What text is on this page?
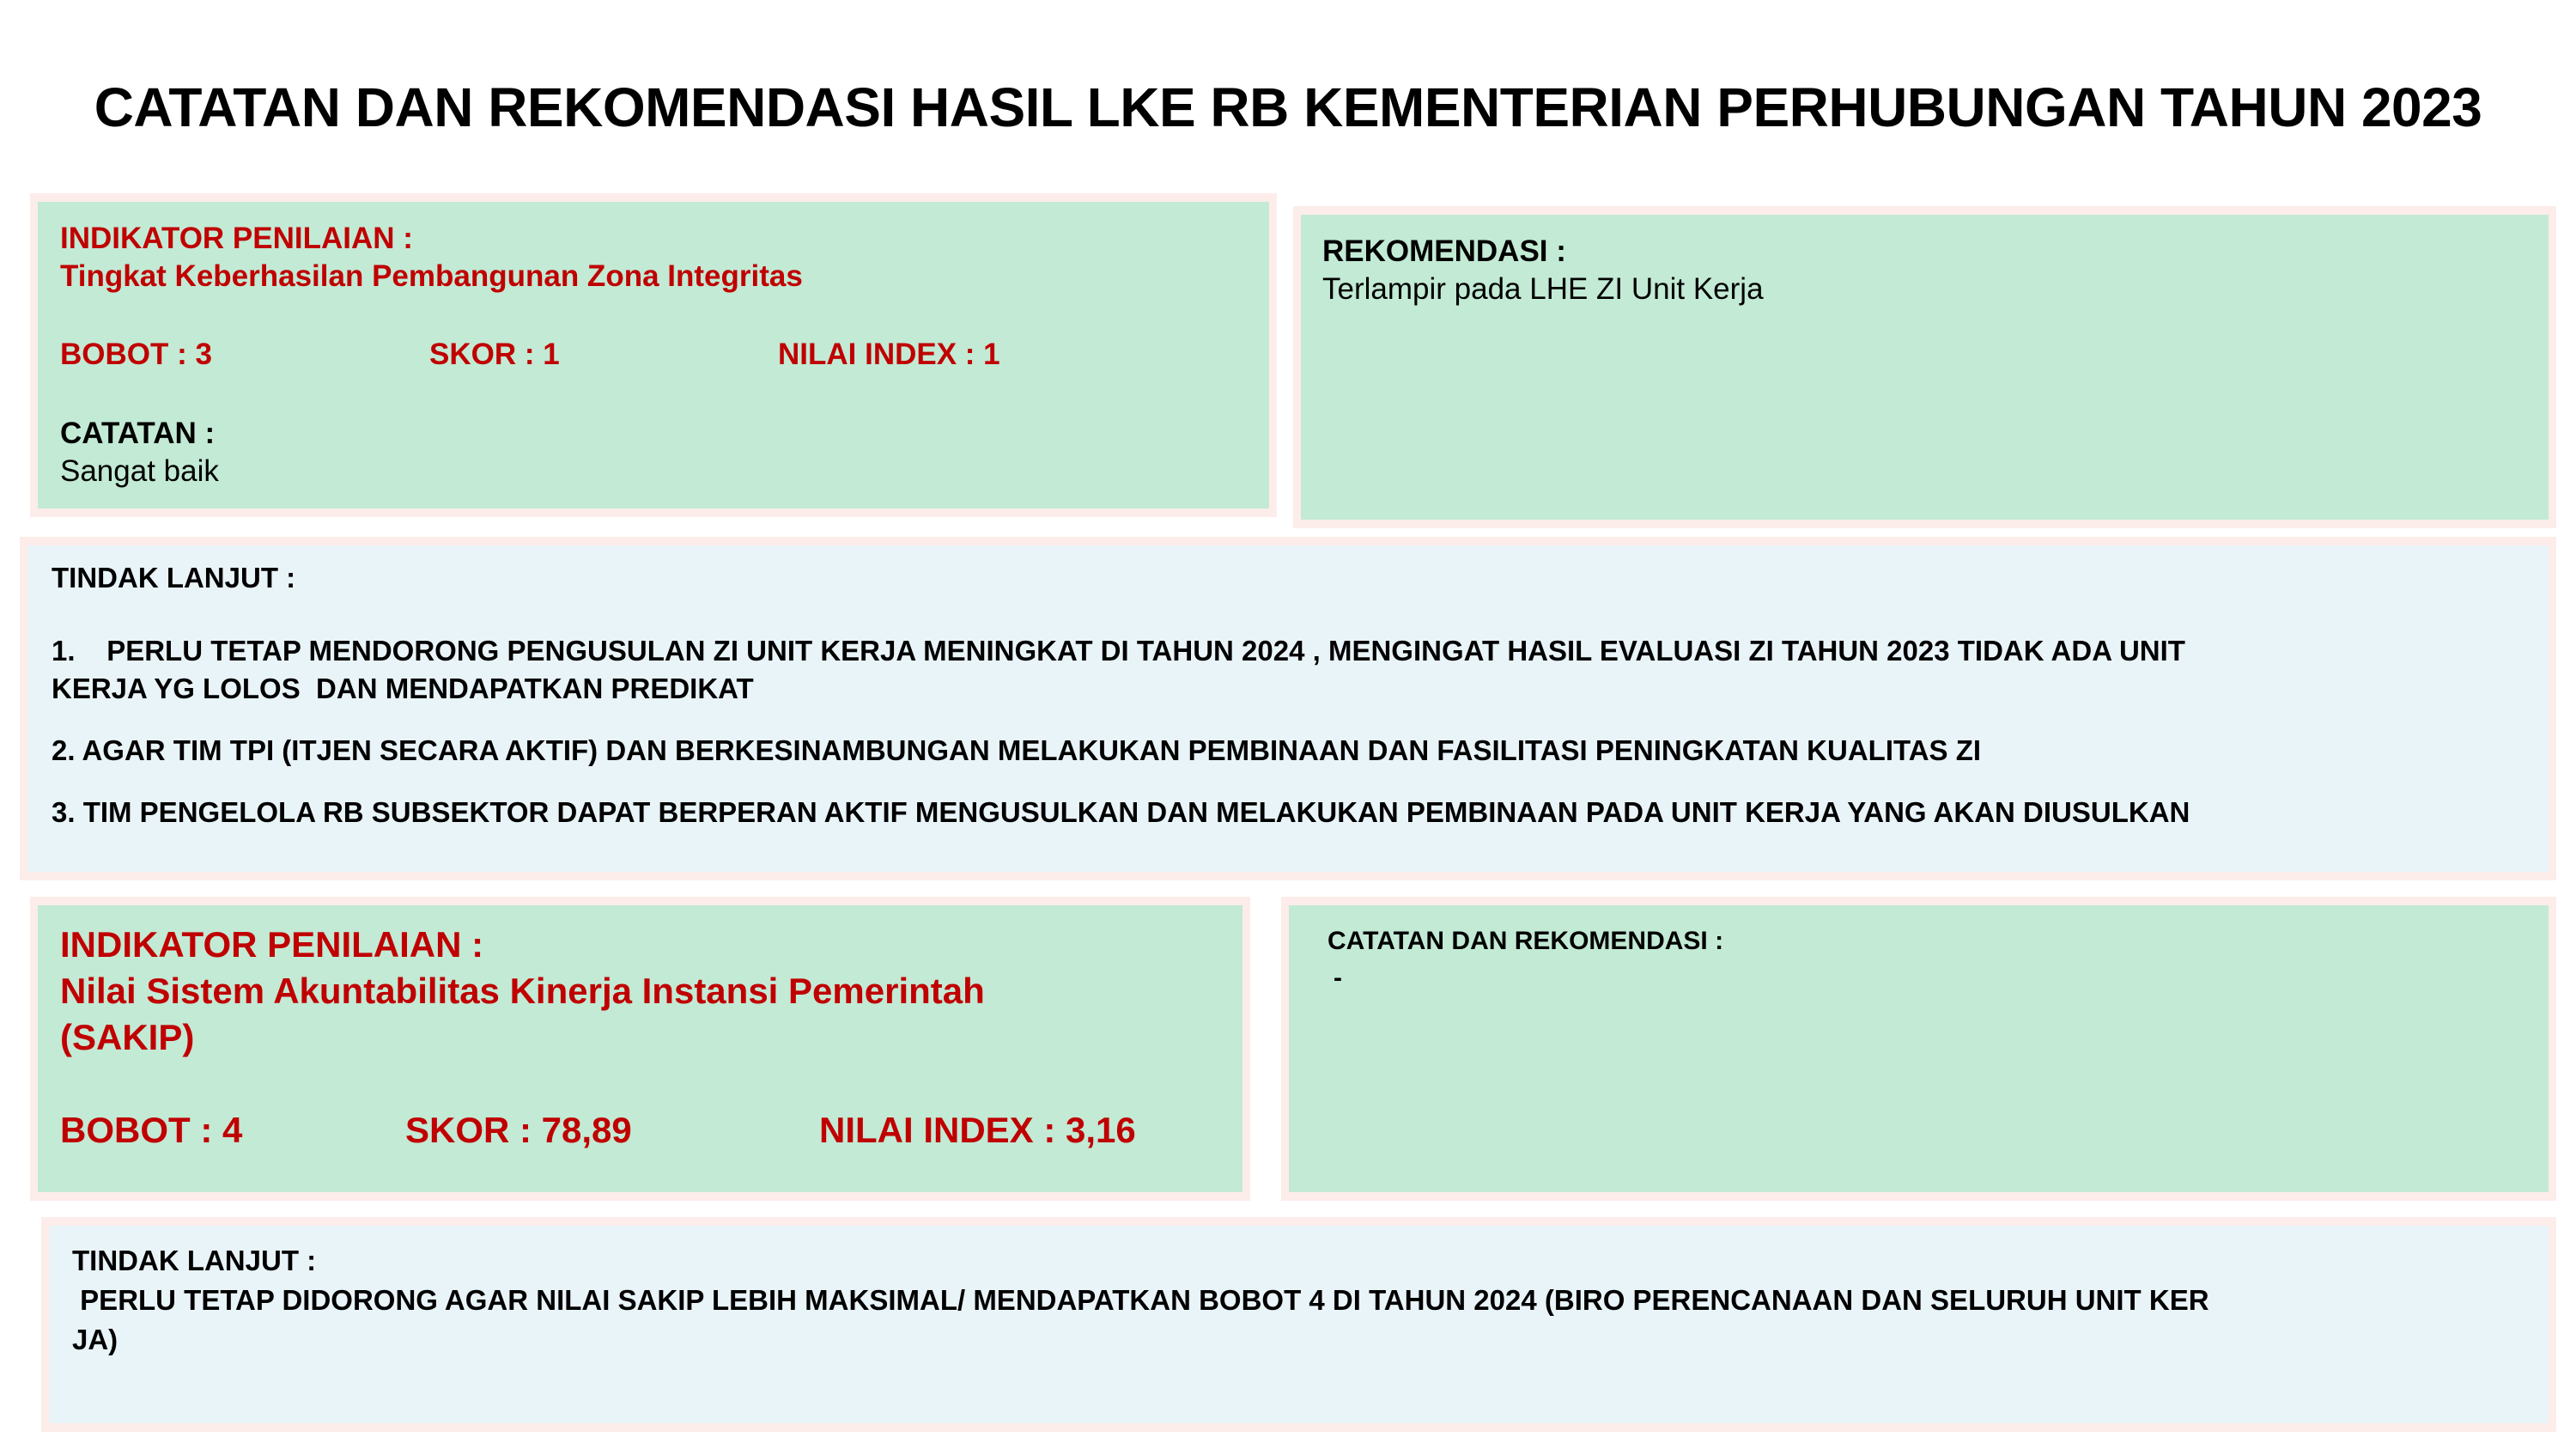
CATATAN DAN REKOMENDASI HASIL LKE RB KEMENTERIAN PERHUBUNGAN TAHUN 2023
INDIKATOR PENILAIAN :
Tingkat Keberhasilan Pembangunan Zona Integritas
BOBOT : 3	SKOR : 1	NILAI INDEX : 1
CATATAN :
Sangat baik
REKOMENDASI :
Terlampir pada LHE ZI Unit Kerja
TINDAK LANJUT :
1.    PERLU TETAP MENDORONG PENGUSULAN ZI UNIT KERJA MENINGKAT DI TAHUN 2024 , MENGINGAT HASIL EVALUASI ZI TAHUN 2023 TIDAK ADA UNIT
KERJA YG LOLOS  DAN MENDAPATKAN PREDIKAT
2. AGAR TIM TPI (ITJEN SECARA AKTIF) DAN BERKESINAMBUNGAN MELAKUKAN PEMBINAAN DAN FASILITASI PENINGKATAN KUALITAS ZI
3. TIM PENGELOLA RB SUBSEKTOR DAPAT BERPERAN AKTIF MENGUSULKAN DAN MELAKUKAN PEMBINAAN PADA UNIT KERJA YANG AKAN DIUSULKAN
INDIKATOR PENILAIAN :
Nilai Sistem Akuntabilitas Kinerja Instansi Pemerintah
(SAKIP)
BOBOT : 4	SKOR : 78,89	NILAI INDEX : 3,16
CATATAN DAN REKOMENDASI :
-
TINDAK LANJUT :
PERLU TETAP DIDORONG AGAR NILAI SAKIP LEBIH MAKSIMAL/ MENDAPATKAN BOBOT 4 DI TAHUN 2024 (BIRO PERENCANAAN DAN SELURUH UNIT KER
JA)
